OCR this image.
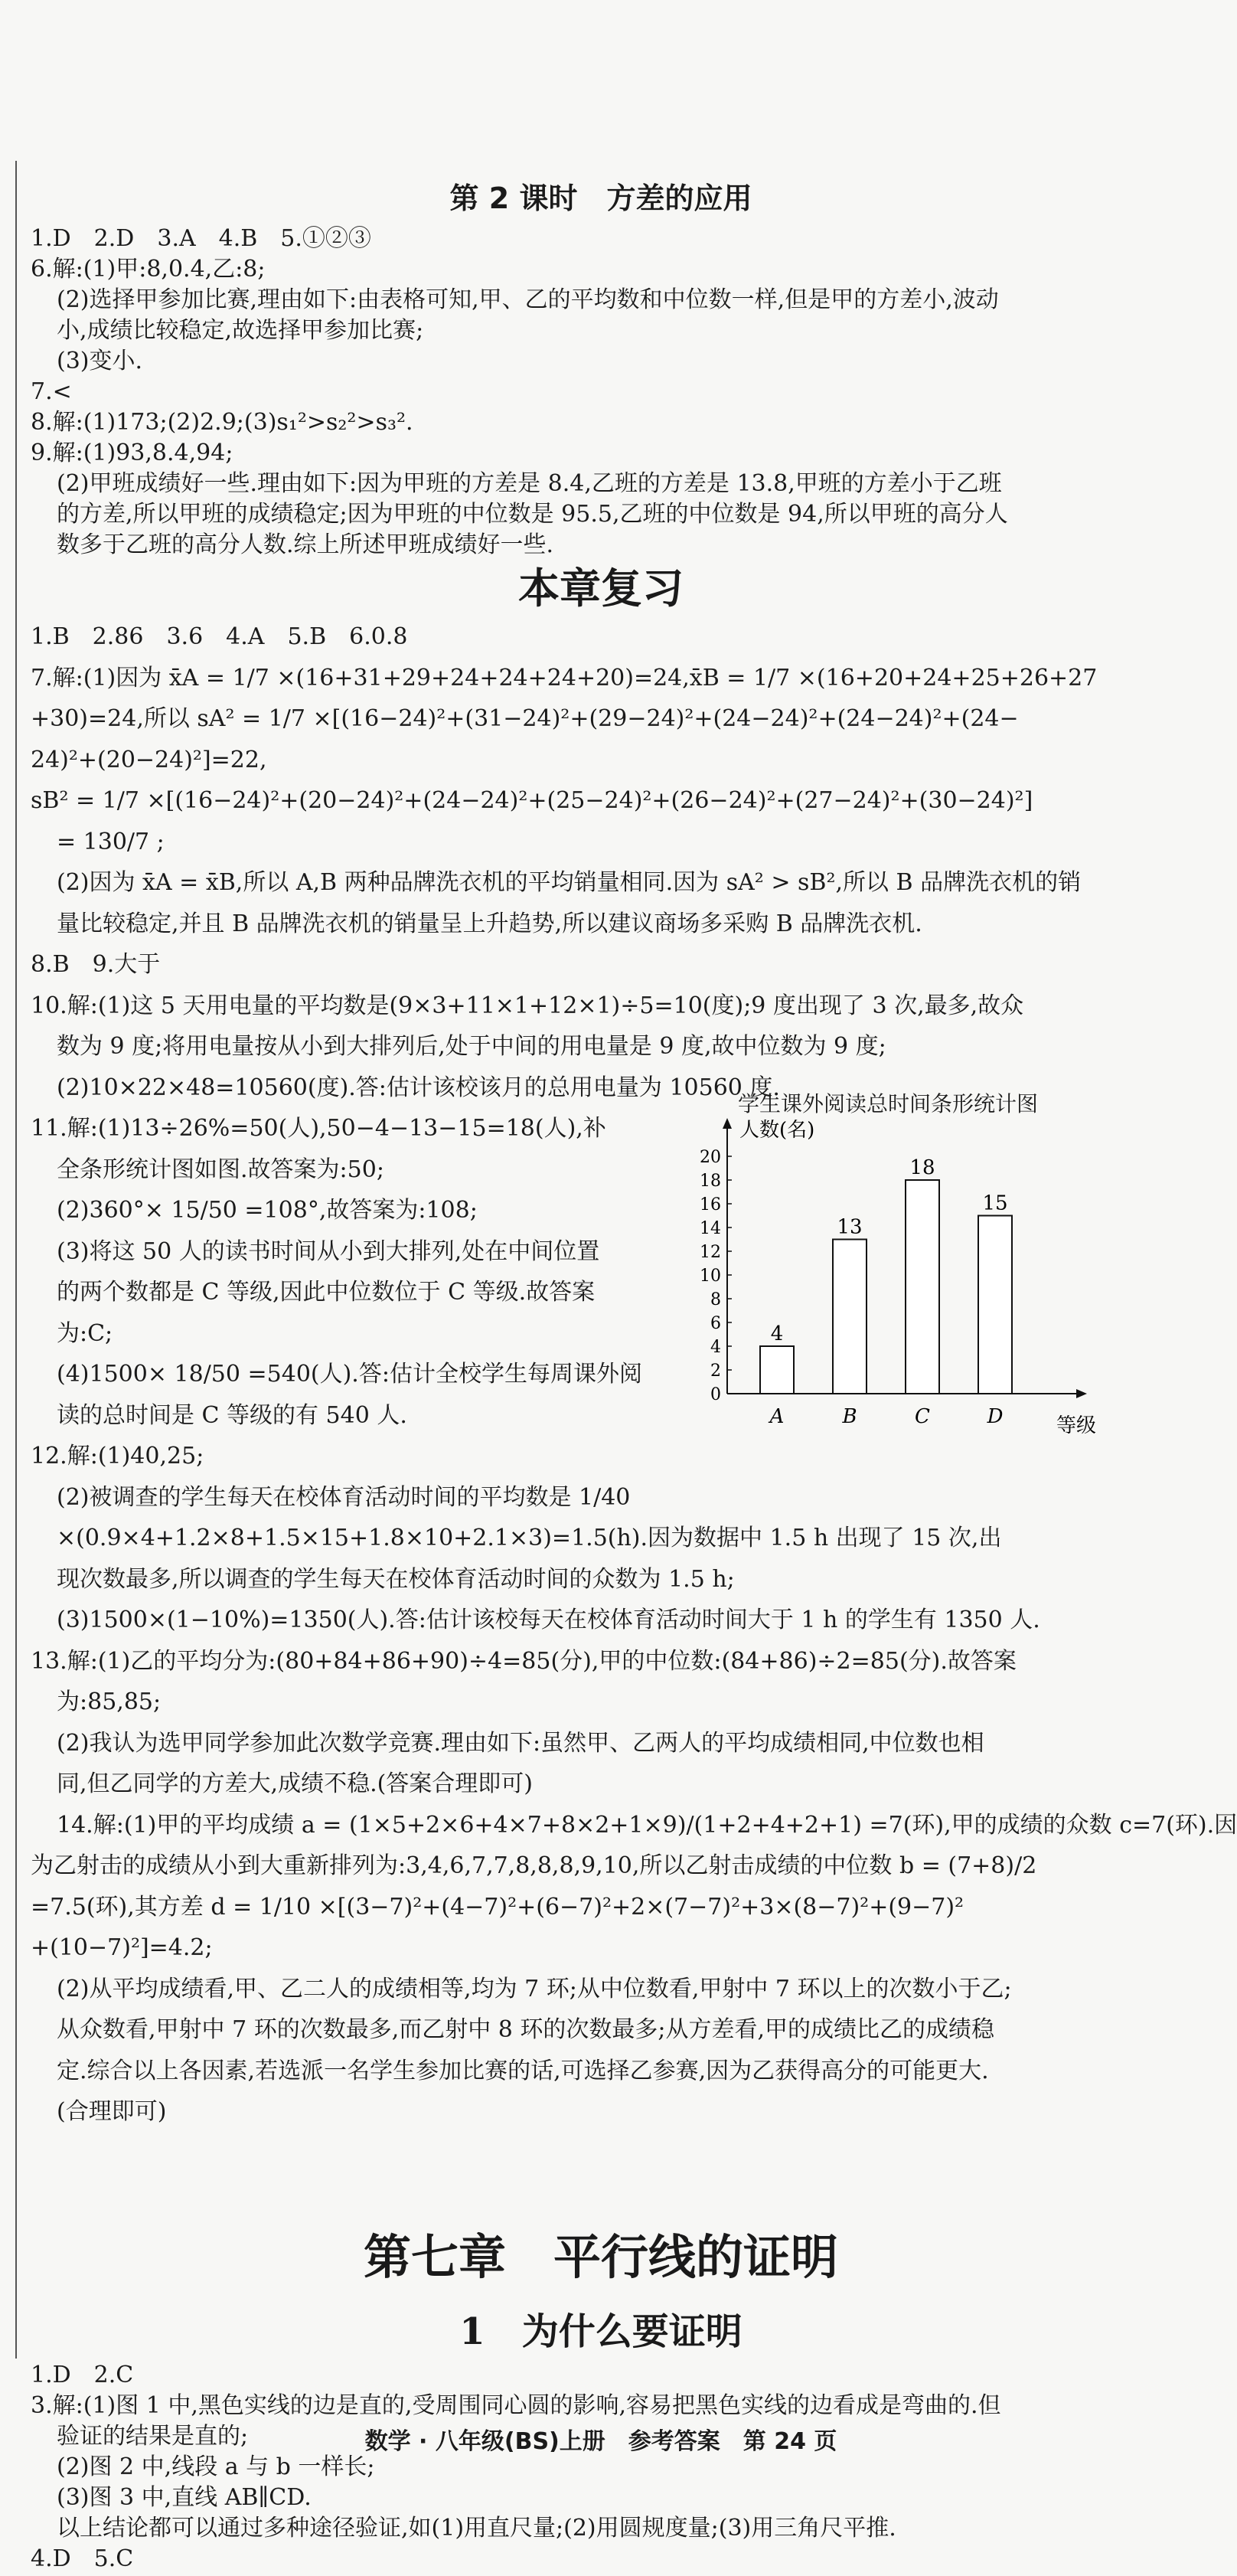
第 2 课时　方差的应用
1.D　2.D　3.A　4.B　5.①②③
6.解:(1)甲:8,0.4,乙:8;
(2)选择甲参加比赛,理由如下:由表格可知,甲、乙的平均数和中位数一样,但是甲的方差小,波动
小,成绩比较稳定,故选择甲参加比赛;
(3)变小.
7.<
8.解:(1)173;(2)2.9;(3)s₁²>s₂²>s₃².
9.解:(1)93,8.4,94;
(2)甲班成绩好一些.理由如下:因为甲班的方差是 8.4,乙班的方差是 13.8,甲班的方差小于乙班
的方差,所以甲班的成绩稳定;因为甲班的中位数是 95.5,乙班的中位数是 94,所以甲班的高分人
数多于乙班的高分人数.综上所述甲班成绩好一些.
本章复习
1.B　2.86　3.6　4.A　5.B　6.0.8
7.解:(1)因为 x̄A = 1/7 ×(16+31+29+24+24+24+20)=24,x̄B = 1/7 ×(16+20+24+25+26+27
+30)=24,所以 sA² = 1/7 ×[(16−24)²+(31−24)²+(29−24)²+(24−24)²+(24−24)²+(24−
24)²+(20−24)²]=22,
sB² = 1/7 ×[(16−24)²+(20−24)²+(24−24)²+(25−24)²+(26−24)²+(27−24)²+(30−24)²]
= 130/7 ;
(2)因为 x̄A = x̄B,所以 A,B 两种品牌洗衣机的平均销量相同.因为 sA² > sB²,所以 B 品牌洗衣机的销
量比较稳定,并且 B 品牌洗衣机的销量呈上升趋势,所以建议商场多采购 B 品牌洗衣机.
8.B　9.大于
10.解:(1)这 5 天用电量的平均数是(9×3+11×1+12×1)÷5=10(度);9 度出现了 3 次,最多,故众
数为 9 度;将用电量按从小到大排列后,处于中间的用电量是 9 度,故中位数为 9 度;
(2)10×22×48=10560(度).答:估计该校该月的总用电量为 10560 度.
11.解:(1)13÷26%=50(人),50−4−13−15=18(人),补
全条形统计图如图.故答案为:50;
(2)360°× 15/50 =108°,故答案为:108;
(3)将这 50 人的读书时间从小到大排列,处在中间位置
的两个数都是 C 等级,因此中位数位于 C 等级.故答案
为:C;
(4)1500× 18/50 =540(人).答:估计全校学生每周课外阅
读的总时间是 C 等级的有 540 人.
12.解:(1)40,25;
(2)被调查的学生每天在校体育活动时间的平均数是 1/40
×(0.9×4+1.2×8+1.5×15+1.8×10+2.1×3)=1.5(h).因为数据中 1.5 h 出现了 15 次,出
现次数最多,所以调查的学生每天在校体育活动时间的众数为 1.5 h;
(3)1500×(1−10%)=1350(人).答:估计该校每天在校体育活动时间大于 1 h 的学生有 1350 人.
13.解:(1)乙的平均分为:(80+84+86+90)÷4=85(分),甲的中位数:(84+86)÷2=85(分).故答案
为:85,85;
(2)我认为选甲同学参加此次数学竞赛.理由如下:虽然甲、乙两人的平均成绩相同,中位数也相
同,但乙同学的方差大,成绩不稳.(答案合理即可)
14.解:(1)甲的平均成绩 a = (1×5+2×6+4×7+8×2+1×9)/(1+2+4+2+1) =7(环),甲的成绩的众数 c=7(环).因
为乙射击的成绩从小到大重新排列为:3,4,6,7,7,8,8,8,9,10,所以乙射击成绩的中位数 b = (7+8)/2
=7.5(环),其方差 d = 1/10 ×[(3−7)²+(4−7)²+(6−7)²+2×(7−7)²+3×(8−7)²+(9−7)²
+(10−7)²]=4.2;
(2)从平均成绩看,甲、乙二人的成绩相等,均为 7 环;从中位数看,甲射中 7 环以上的次数小于乙;
从众数看,甲射中 7 环的次数最多,而乙射中 8 环的次数最多;从方差看,甲的成绩比乙的成绩稳
定.综合以上各因素,若选派一名学生参加比赛的话,可选择乙参赛,因为乙获得高分的可能更大.
(合理即可)
学生课外阅读总时间条形统计图
人数(名)
等级
0
2
4
6
8
10
12
14
16
18
20
4
A
13
B
18
C
15
D
第七章　平行线的证明
1　为什么要证明
1.D　2.C
3.解:(1)图 1 中,黑色实线的边是直的,受周围同心圆的影响,容易把黑色实线的边看成是弯曲的.但
验证的结果是直的;
(2)图 2 中,线段 a 与 b 一样长;
(3)图 3 中,直线 AB∥CD.
以上结论都可以通过多种途径验证,如(1)用直尺量;(2)用圆规度量;(3)用三角尺平推.
4.D　5.C
数学 · 八年级(BS)上册　参考答案　第 24 页
